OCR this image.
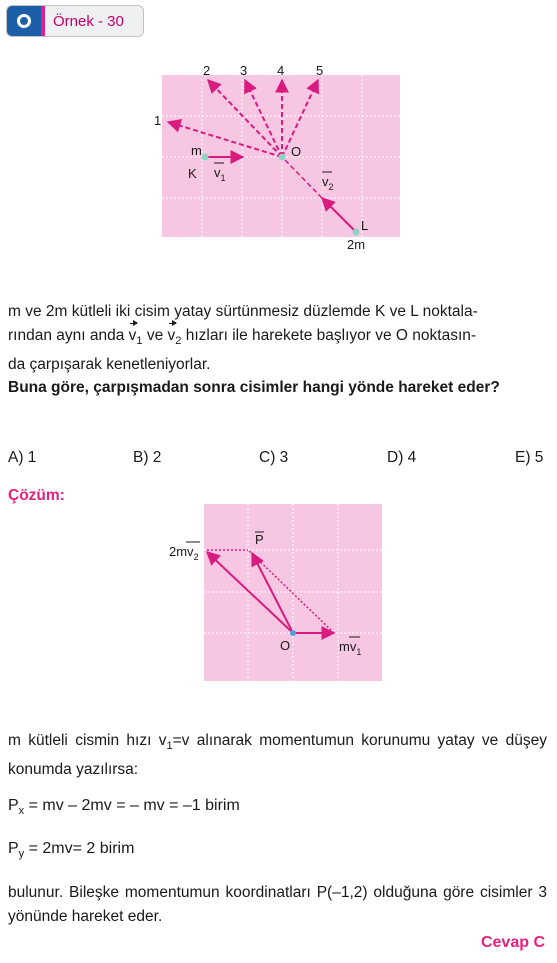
Örnek - 30
1
2 3 4 5
O
m
K $v_1$	$v_2$
L
2m

m ve 2m kütleli iki cisim yatay sürtünmesiz düzlemde K ve L noktala-
rından aynı anda $v_1$ ve $v_2$ hızları ile harekete başlıyor ve O noktasın-
da çarpışarak kenetleniyorlar.

Buna göre, çarpışmadan sonra cisimler hangi yönde hareket eder?

A) 1	B) 2	C) 3	D) 4	E) 5
Çözüm:
$2mv_2$
P
O	$mv_1$

m kütleli cismin hızı $v_1=v$ alınarak momentumun korunumu yatay ve düşey konumda yazılırsa:

$P_x$ = mv – 2mv = – mv = –1 birim
$P_y = 2mv= 2$ birim

bulunur. Bileşke momentumun koordinatları P(–1,2) olduğuna göre cisimler 3 yönünde hareket eder.

Cevap C
